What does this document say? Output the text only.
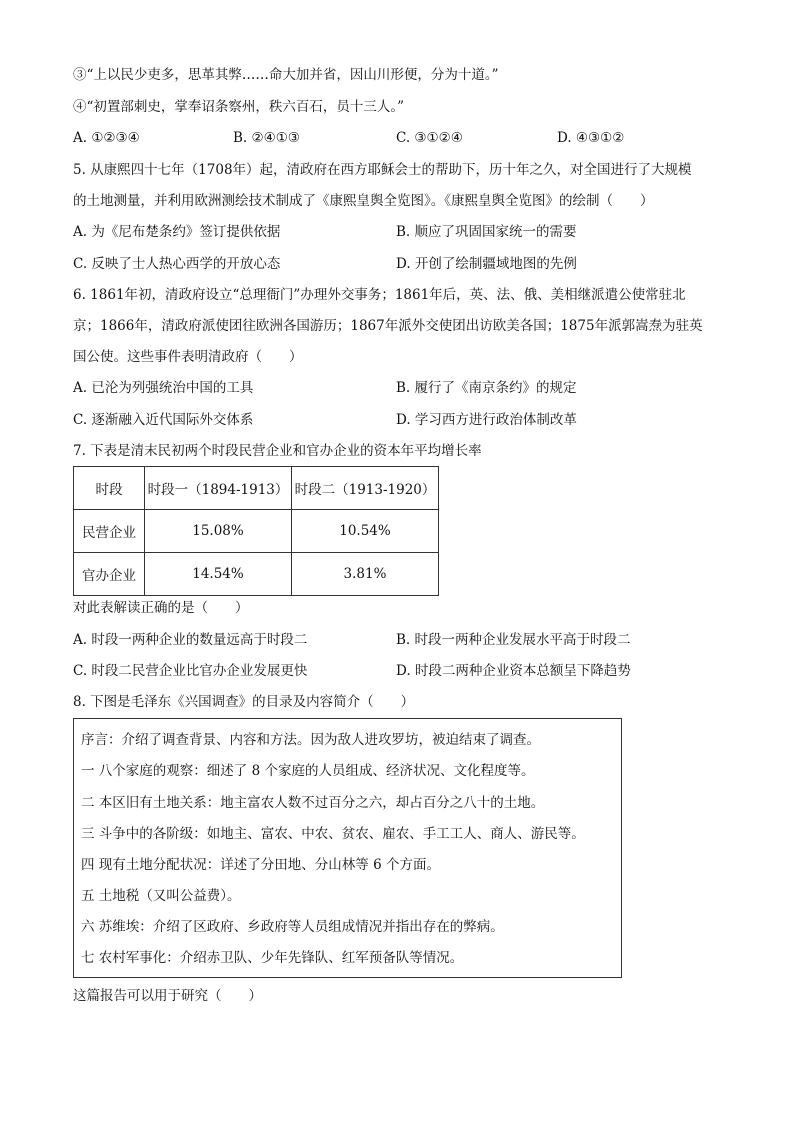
③“上以民少吏多，思革其弊……命大加并省，因山川形便，分为十道。”
④“初置部刺史，掌奉诏条察州，秩六百石，员十三人。”
A. ①②③④	B. ②④①③	C. ③①②④	D. ④③①②
5. 从康熙四十七年（1708年）起，清政府在西方耶稣会士的帮助下，历十年之久，对全国进行了大规模
的土地测量，并利用欧洲测绘技术制成了《康熙皇舆全览图》。《康熙皇舆全览图》的绘制（　　）
A. 为《尼布楚条约》签订提供依据	B. 顺应了巩固国家统一的需要
C. 反映了士人热心西学的开放心态	D. 开创了绘制疆域地图的先例
6. 1861年初，清政府设立“总理衙门”办理外交事务；1861年后，英、法、俄、美相继派遣公使常驻北
京；1866年，清政府派使团往欧洲各国游历；1867年派外交使团出访欧美各国；1875年派郭嵩焘为驻英
国公使。这些事件表明清政府（　　）
A. 已沦为列强统治中国的工具	B. 履行了《南京条约》的规定
C. 逐渐融入近代国际外交体系	D. 学习西方进行政治体制改革
7. 下表是清末民初两个时段民营企业和官办企业的资本年平均增长率
时段	时段一（1894-1913）	时段二（1913-1920）
民营企业	15.08%	10.54%
官办企业	14.54%	3.81%
对此表解读正确的是（　　）
A. 时段一两种企业的数量远高于时段二	B. 时段一两种企业发展水平高于时段二
C. 时段二民营企业比官办企业发展更快	D. 时段二两种企业资本总额呈下降趋势
8. 下图是毛泽东《兴国调查》的目录及内容简介（　　）
序言：介绍了调查背景、内容和方法。因为敌人进攻罗坊，被迫结束了调查。
一 八个家庭的观察：细述了 8 个家庭的人员组成、经济状况、文化程度等。
二 本区旧有土地关系：地主富农人数不过百分之六，却占百分之八十的土地。
三 斗争中的各阶级：如地主、富农、中农、贫农、雇农、手工工人、商人、游民等。
四 现有土地分配状况：详述了分田地、分山林等 6 个方面。
五 土地税（又叫公益费）。
六 苏维埃：介绍了区政府、乡政府等人员组成情况并指出存在的弊病。
七 农村军事化：介绍赤卫队、少年先锋队、红军预备队等情况。
这篇报告可以用于研究（　　）
